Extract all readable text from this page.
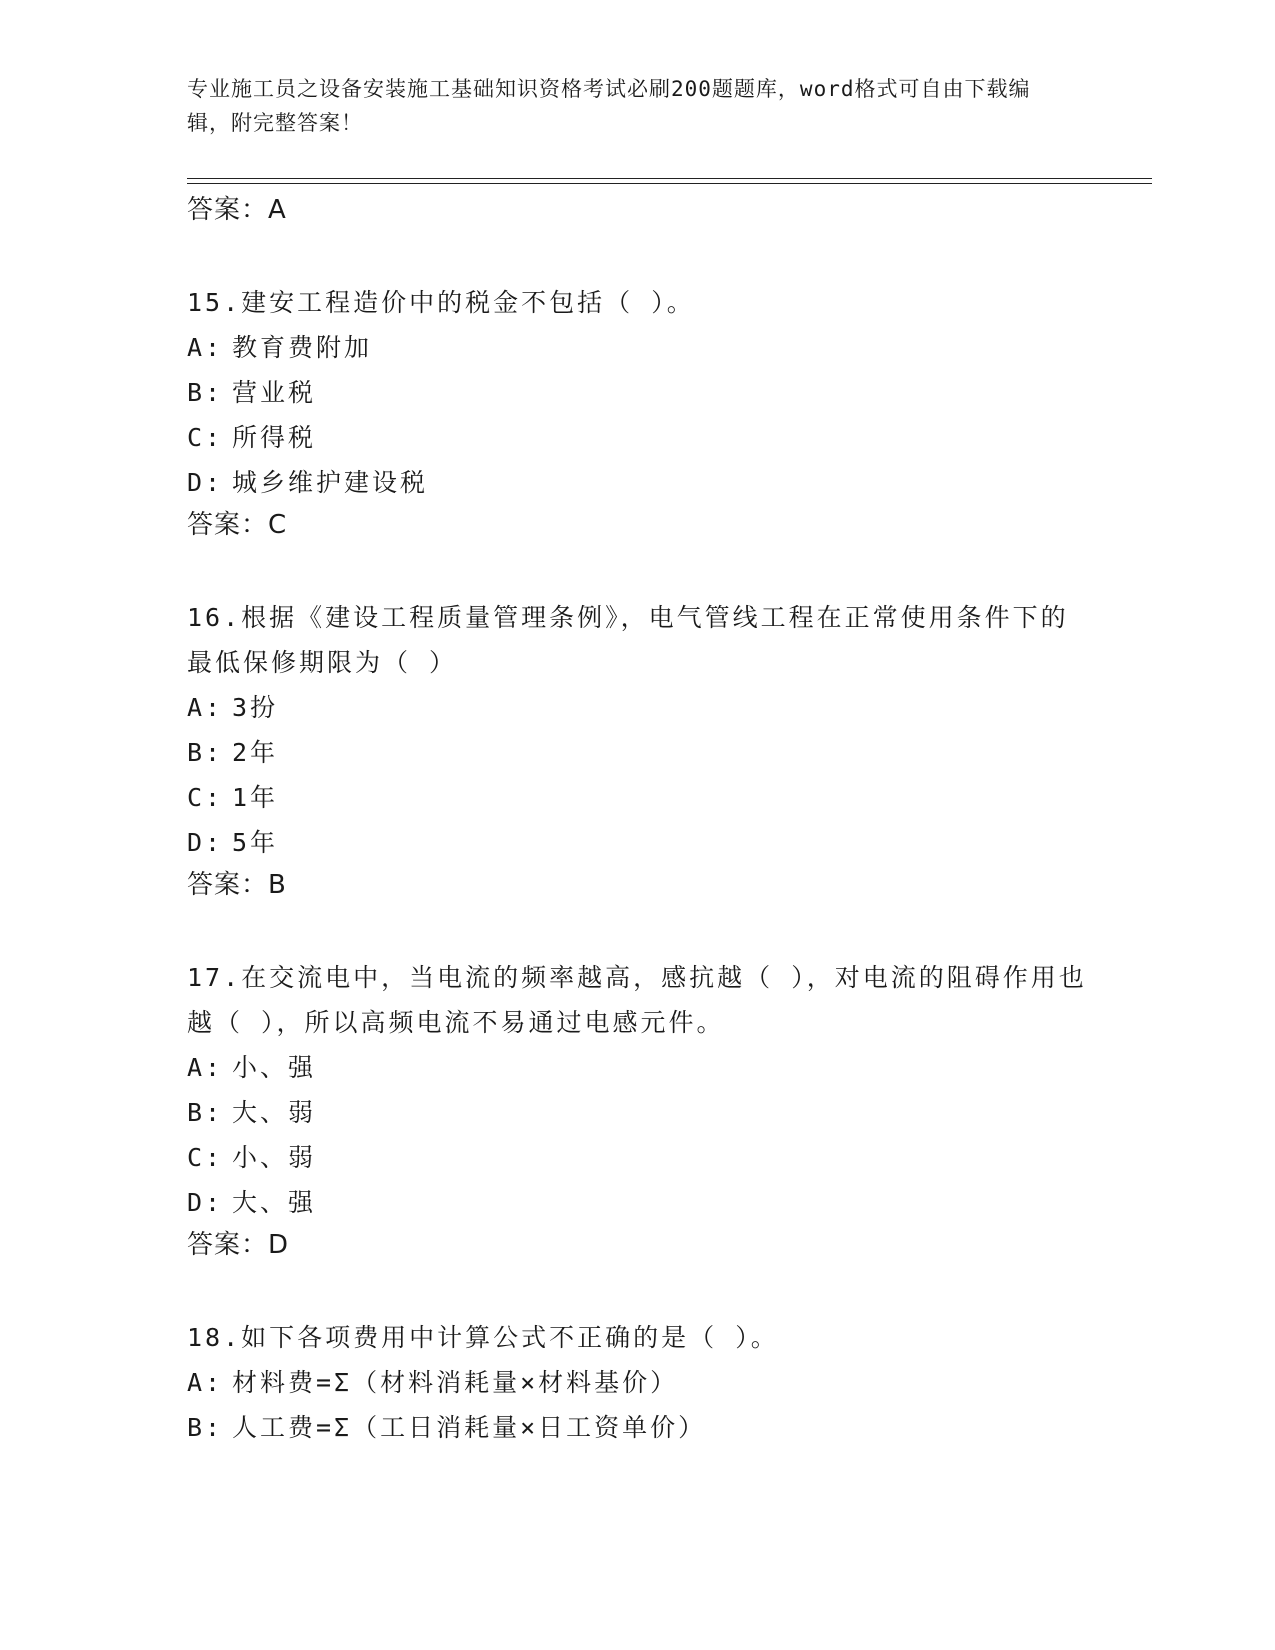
专业施工员之设备安装施工基础知识资格考试必刷200题题库，word格式可自由下载编辑，附完整答案！
答案：A
15.建安工程造价中的税金不包括（ ）。
A: 教育费附加
B: 营业税
C: 所得税
D: 城乡维护建设税
答案：C
16.根据《建设工程质量管理条例》，电气管线工程在正常使用条件下的最低保修期限为（ ）
A: 3扮
B: 2年
C: 1年
D: 5年
答案：B
17.在交流电中，当电流的频率越高，感抗越（ ），对电流的阻碍作用也越（ ），所以高频电流不易通过电感元件。
A: 小、强
B: 大、弱
C: 小、弱
D: 大、强
答案：D
18.如下各项费用中计算公式不正确的是（ ）。
A: 材料费=Σ（材料消耗量×材料基价）
B: 人工费=Σ（工日消耗量×日工资单价）
